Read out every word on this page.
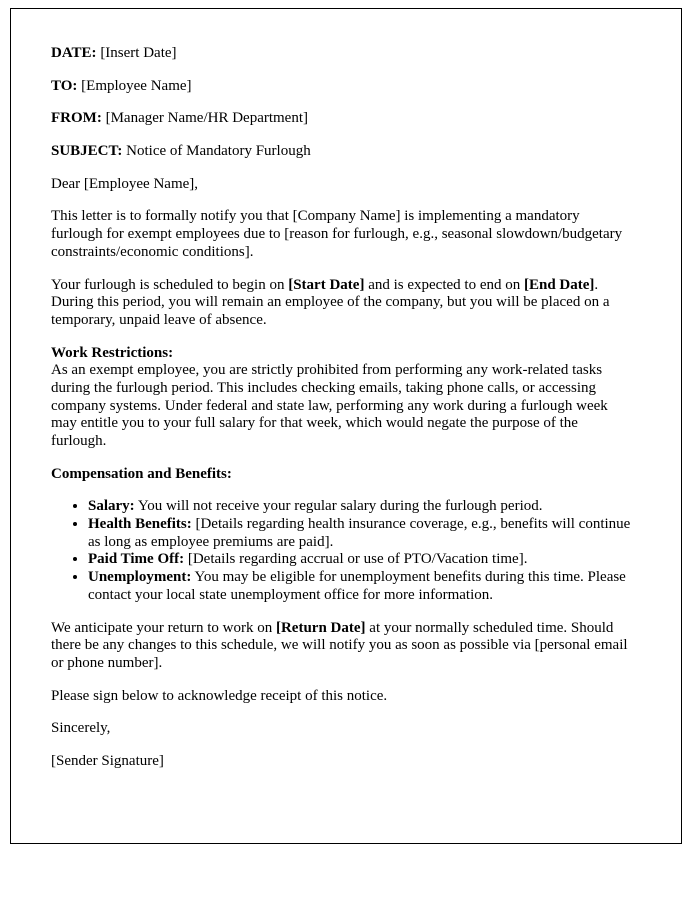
DATE: [Insert Date]

TO: [Employee Name]

FROM: [Manager Name/HR Department]

SUBJECT: Notice of Mandatory Furlough

Dear [Employee Name],

This letter is to formally notify you that [Company Name] is implementing a mandatory furlough for exempt employees due to [reason for furlough, e.g., seasonal slowdown/budgetary constraints/economic conditions].

Your furlough is scheduled to begin on [Start Date] and is expected to end on [End Date]. During this period, you will remain an employee of the company, but you will be placed on a temporary, unpaid leave of absence.

Work Restrictions:
As an exempt employee, you are strictly prohibited from performing any work-related tasks during the furlough period. This includes checking emails, taking phone calls, or accessing company systems. Under federal and state law, performing any work during a furlough week may entitle you to your full salary for that week, which would negate the purpose of the furlough.

Compensation and Benefits:

• Salary: You will not receive your regular salary during the furlough period.
• Health Benefits: [Details regarding health insurance coverage, e.g., benefits will continue as long as employee premiums are paid].
• Paid Time Off: [Details regarding accrual or use of PTO/Vacation time].
• Unemployment: You may be eligible for unemployment benefits during this time. Please contact your local state unemployment office for more information.

We anticipate your return to work on [Return Date] at your normally scheduled time. Should there be any changes to this schedule, we will notify you as soon as possible via [personal email or phone number].

Please sign below to acknowledge receipt of this notice.

Sincerely,

[Sender Signature]
